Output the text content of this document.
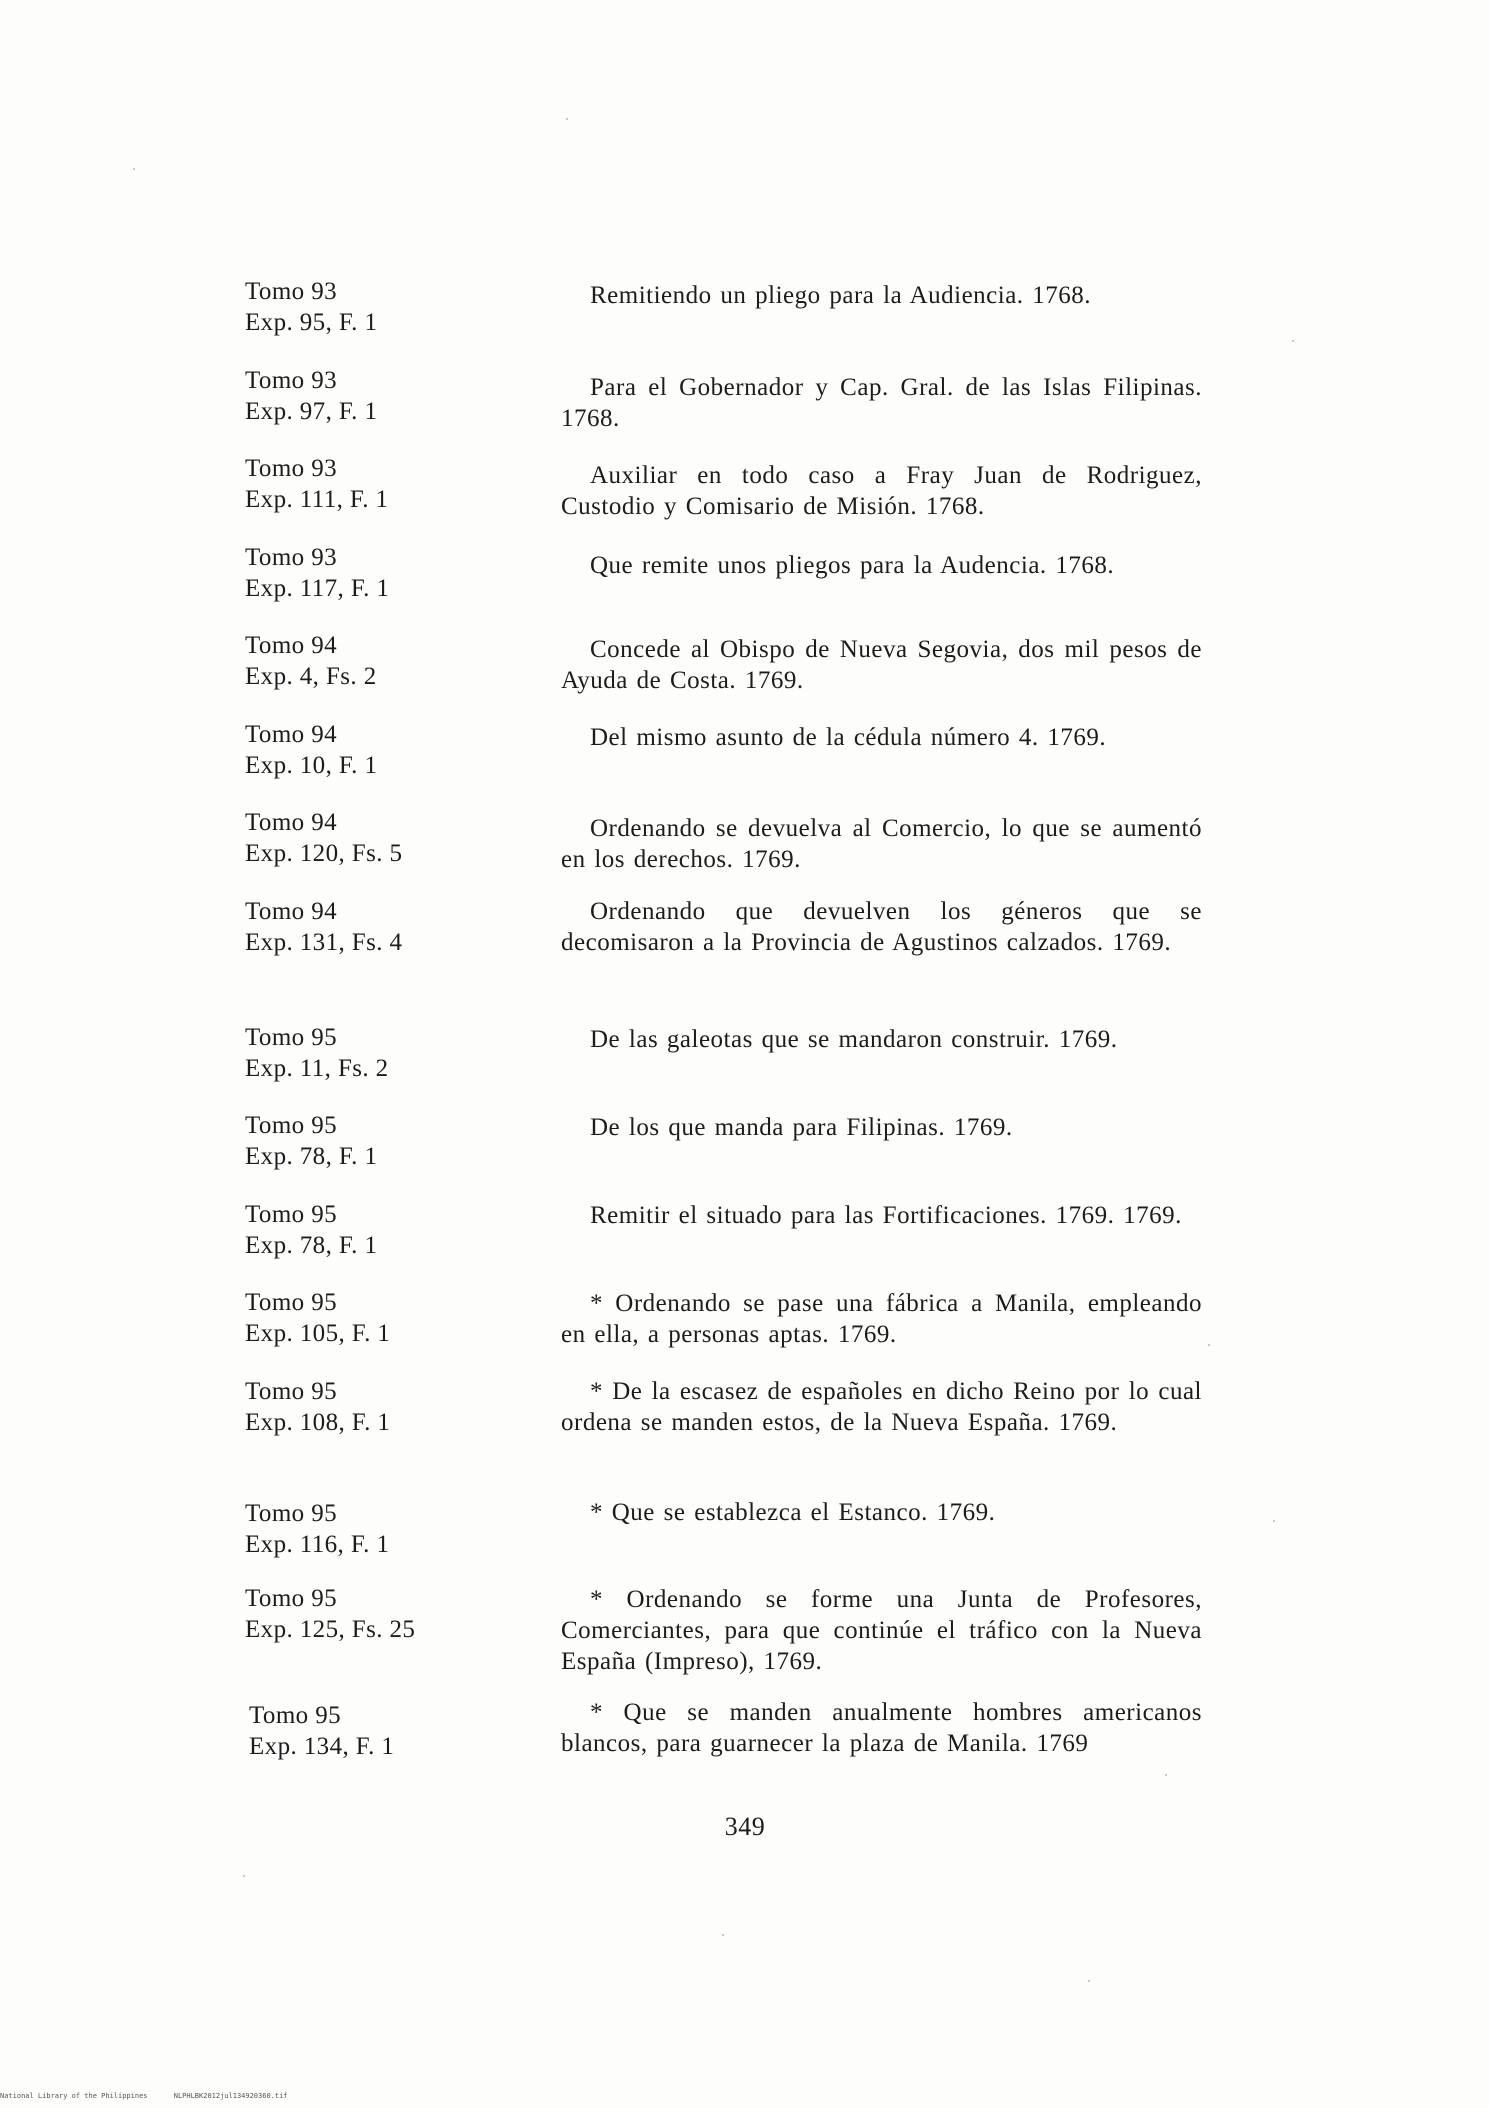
Tomo 93
Exp. 95, F. 1
Remitiendo un pliego para la Audiencia. 1768.
Tomo 93
Exp. 97, F. 1
Para el Gobernador y Cap. Gral. de las Islas Filipinas. 1768.
Tomo 93
Exp. 111, F. 1
Auxiliar en todo caso a Fray Juan de Rodriguez, Custodio y Comisario de Misión. 1768.
Tomo 93
Exp. 117, F. 1
Que remite unos pliegos para la Audencia. 1768.
Tomo 94
Exp. 4, Fs. 2
Concede al Obispo de Nueva Segovia, dos mil pesos de Ayuda de Costa. 1769.
Tomo 94
Exp. 10, F. 1
Del mismo asunto de la cédula número 4. 1769.
Tomo 94
Exp. 120, Fs. 5
Ordenando se devuelva al Comercio, lo que se aumentó en los derechos. 1769.
Tomo 94
Exp. 131, Fs. 4
Ordenando que devuelven los géneros que se decomisaron a la Provincia de Agustinos calzados. 1769.
Tomo 95
Exp. 11, Fs. 2
De las galeotas que se mandaron construir. 1769.
Tomo 95
Exp. 78, F. 1
De los que manda para Filipinas. 1769.
Tomo 95
Exp. 78, F. 1
Remitir el situado para las Fortificaciones. 1769. 1769.
Tomo 95
Exp. 105, F. 1
* Ordenando se pase una fábrica a Manila, empleando en ella, a personas aptas. 1769.
Tomo 95
Exp. 108, F. 1
* De la escasez de españoles en dicho Reino por lo cual ordena se manden estos, de la Nueva España. 1769.
Tomo 95
Exp. 116, F. 1
* Que se establezca el Estanco. 1769.
Tomo 95
Exp. 125, Fs. 25
* Ordenando se forme una Junta de Profesores, Comerciantes, para que continúe el tráfico con la Nueva España (Impreso), 1769.
Tomo 95
Exp. 134, F. 1
* Que se manden anualmente hombres americanos blancos, para guarnecer la plaza de Manila. 1769
349
National Library of the Philippines	NLPHLBK2012jul134920360.tif
